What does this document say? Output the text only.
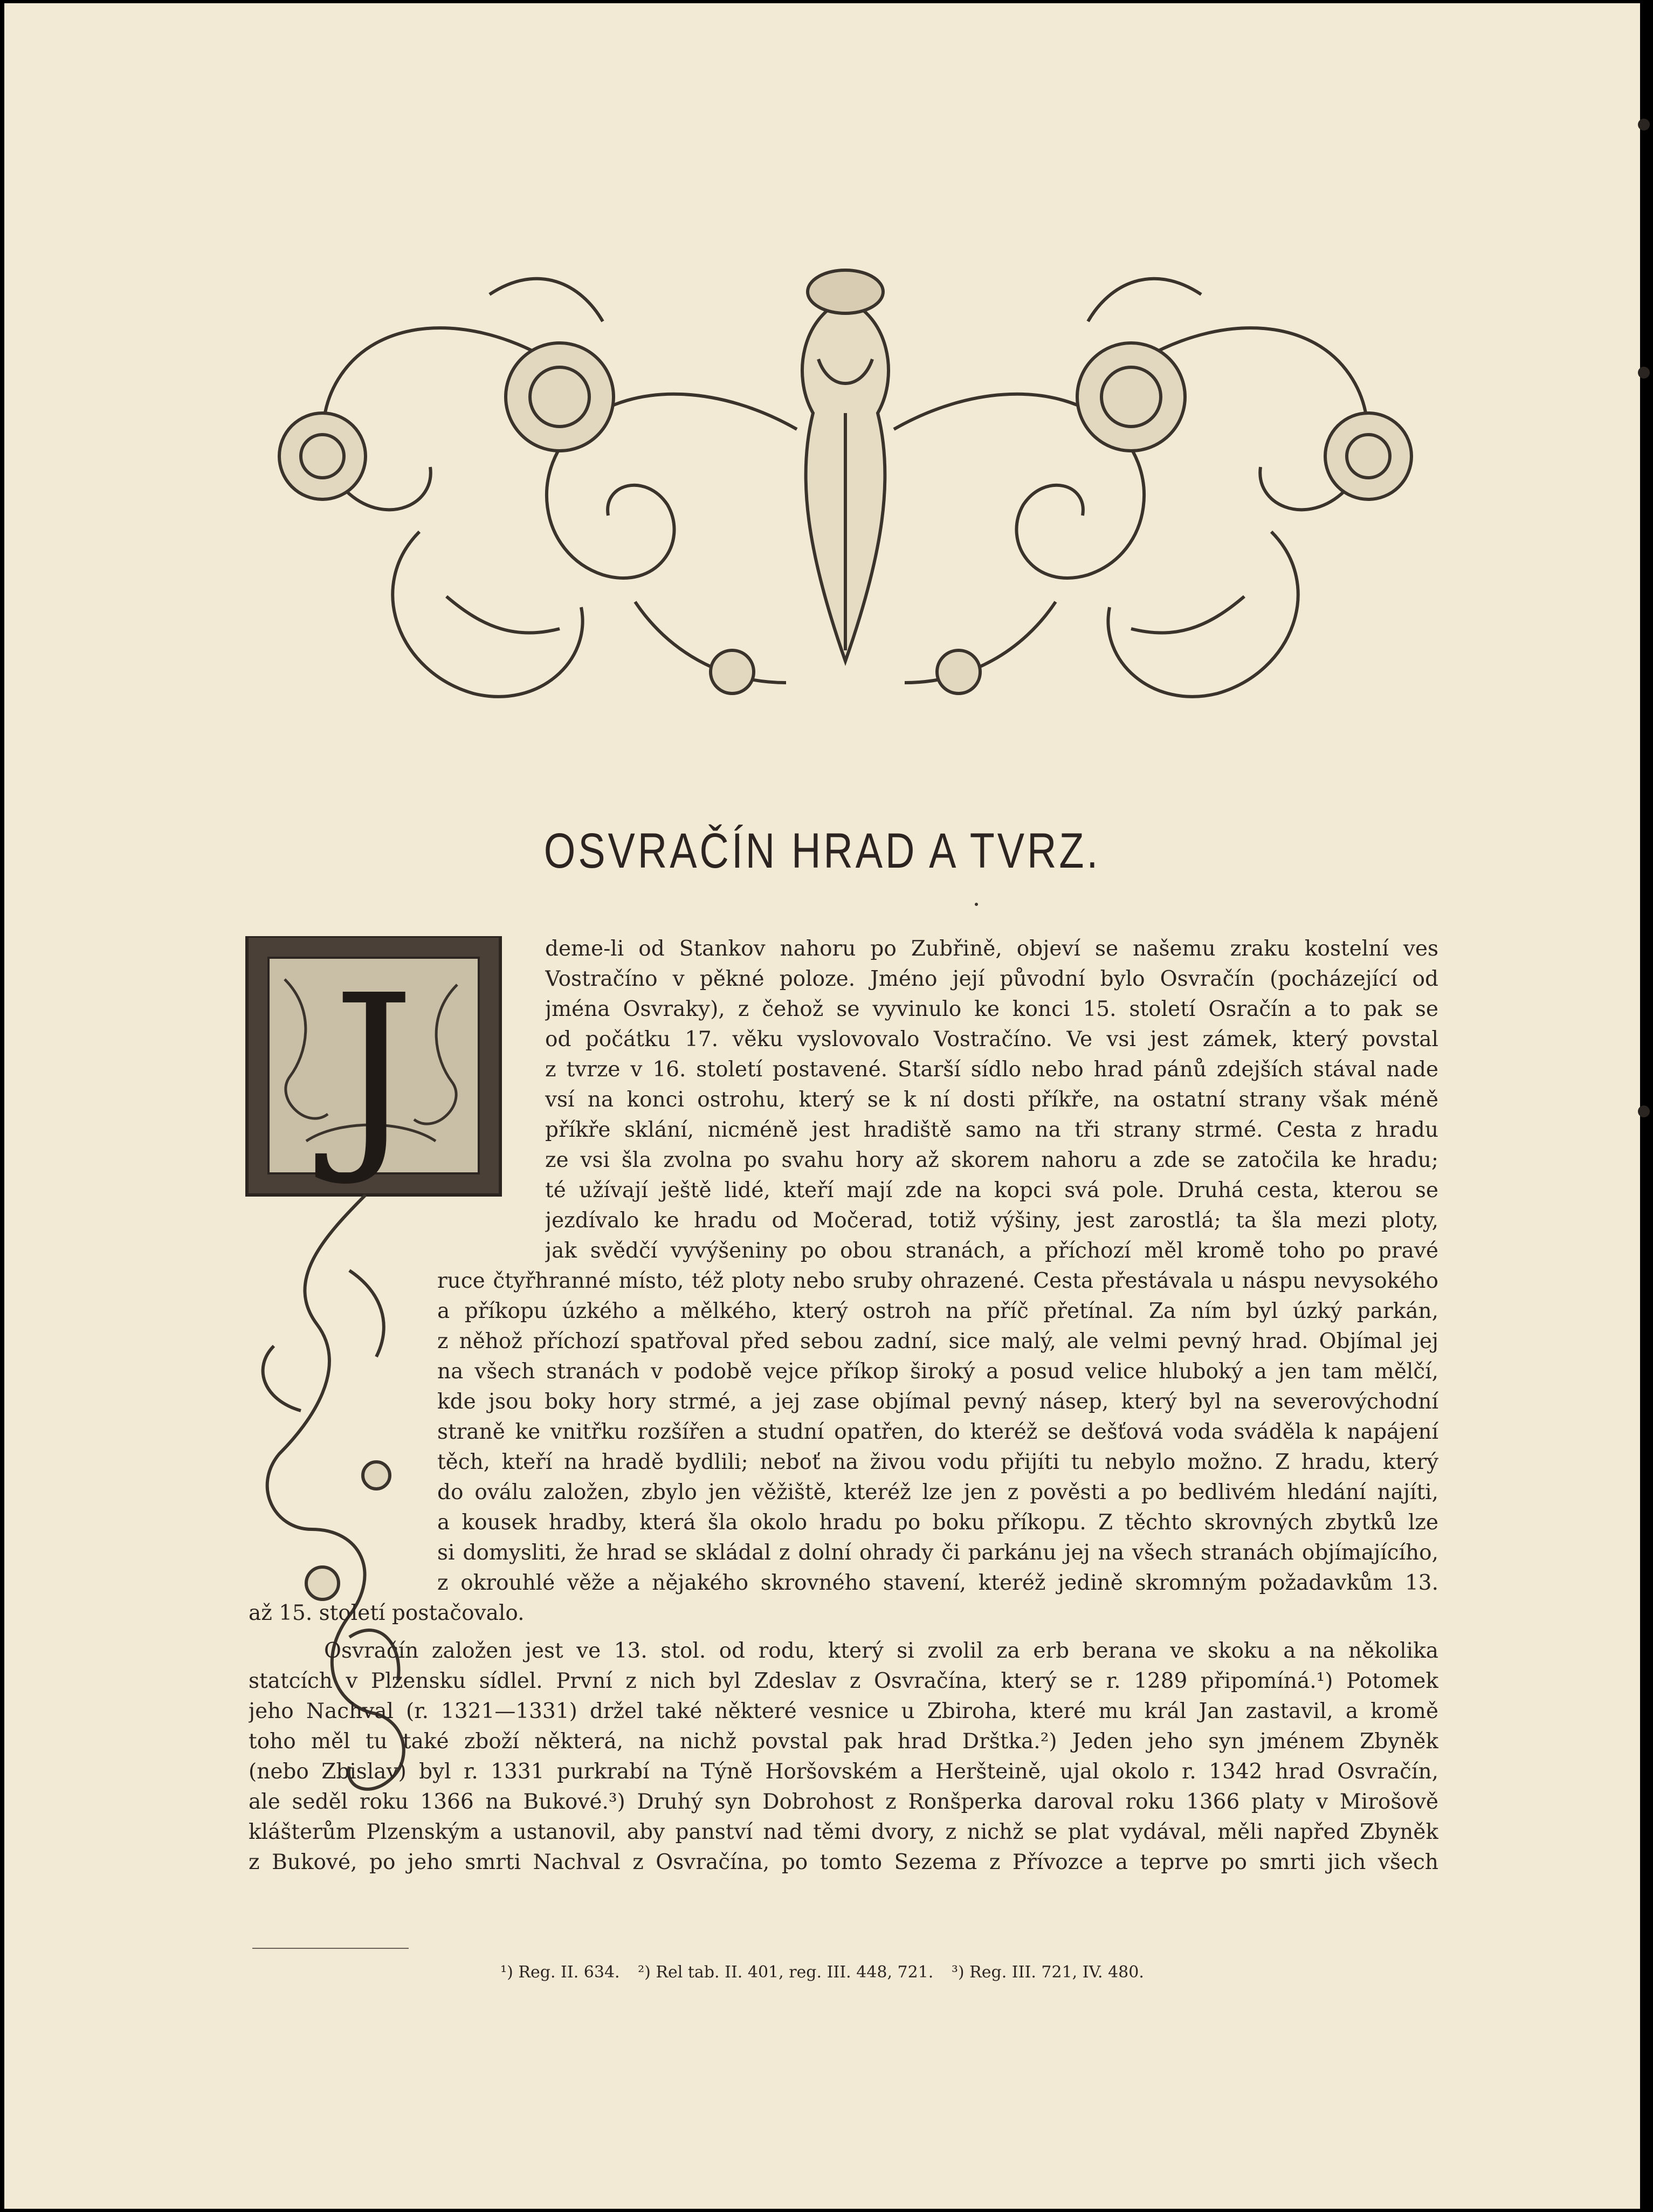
OSVRAČÍN HRAD A TVRZ.
J

deme-li od Stankov nahoru po Zubřině, objeví se našemu zraku kostelní ves

Vostračíno v pěkné poloze. Jméno její původní bylo Osvračín (pocházející od

jména Osvraky), z čehož se vyvinulo ke konci 15. století Osračín a to pak se

od počátku 17. věku vyslovovalo Vostračíno. Ve vsi jest zámek, který povstal

z tvrze v 16. století postavené. Starší sídlo nebo hrad pánů zdejších stával nade

vsí na konci ostrohu, který se k ní dosti příkře, na ostatní strany však méně

příkře sklání, nicméně jest hradiště samo na tři strany strmé. Cesta z hradu

ze vsi šla zvolna po svahu hory až skorem nahoru a zde se zatočila ke hradu;

té užívají ještě lidé, kteří mají zde na kopci svá pole. Druhá cesta, kterou se

jezdívalo ke hradu od Močerad, totiž výšiny, jest zarostlá; ta šla mezi ploty,

jak svědčí vyvýšeniny po obou stranách, a příchozí měl kromě toho po pravé

ruce čtyřhranné místo, též ploty nebo sruby ohrazené. Cesta přestávala u náspu nevysokého

a příkopu úzkého a mělkého, který ostroh na příč přetínal. Za ním byl úzký parkán,

z něhož příchozí spatřoval před sebou zadní, sice malý, ale velmi pevný hrad. Objímal jej

na všech stranách v podobě vejce příkop široký a posud velice hluboký a jen tam mělčí,

kde jsou boky hory strmé, a jej zase objímal pevný násep, který byl na severovýchodní

straně ke vnitřku rozšířen a studní opatřen, do kteréž se dešťová voda sváděla k napájení

těch, kteří na hradě bydlili; neboť na živou vodu přijíti tu nebylo možno. Z hradu, který

do oválu založen, zbylo jen věžiště, kteréž lze jen z pověsti a po bedlivém hledání najíti,

a kousek hradby, která šla okolo hradu po boku příkopu. Z těchto skrovných zbytků lze

si domysliti, že hrad se skládal z dolní ohrady či parkánu jej na všech stranách objímajícího,

z okrouhlé věže a nějakého skrovného stavení, kteréž jedině skromným požadavkům 13.

až 15. století postačovalo.

Osvračín založen jest ve 13. stol. od rodu, který si zvolil za erb berana ve skoku a na několika

statcích v Plzensku sídlel. První z nich byl Zdeslav z Osvračína, který se r. 1289 připomíná.¹) Potomek

jeho Nachval (r. 1321—1331) držel také některé vesnice u Zbiroha, které mu král Jan zastavil, a kromě

toho měl tu také zboží některá, na nichž povstal pak hrad Drštka.²) Jeden jeho syn jménem Zbyněk

(nebo Zbislav) byl r. 1331 purkrabí na Týně Horšovském a Heršteině, ujal okolo r. 1342 hrad Osvračín,

ale seděl roku 1366 na Bukové.³) Druhý syn Dobrohost z Ronšperka daroval roku 1366 platy v Mirošově

klášterům Plzenským a ustanovil, aby panství nad těmi dvory, z nichž se plat vydával, měli napřed Zbyněk

z Bukové, po jeho smrti Nachval z Osvračína, po tomto Sezema z Přívozce a teprve po smrti jich všech

¹) Reg. II. 634. ²) Rel tab. II. 401, reg. III. 448, 721. ³) Reg. III. 721, IV. 480.
